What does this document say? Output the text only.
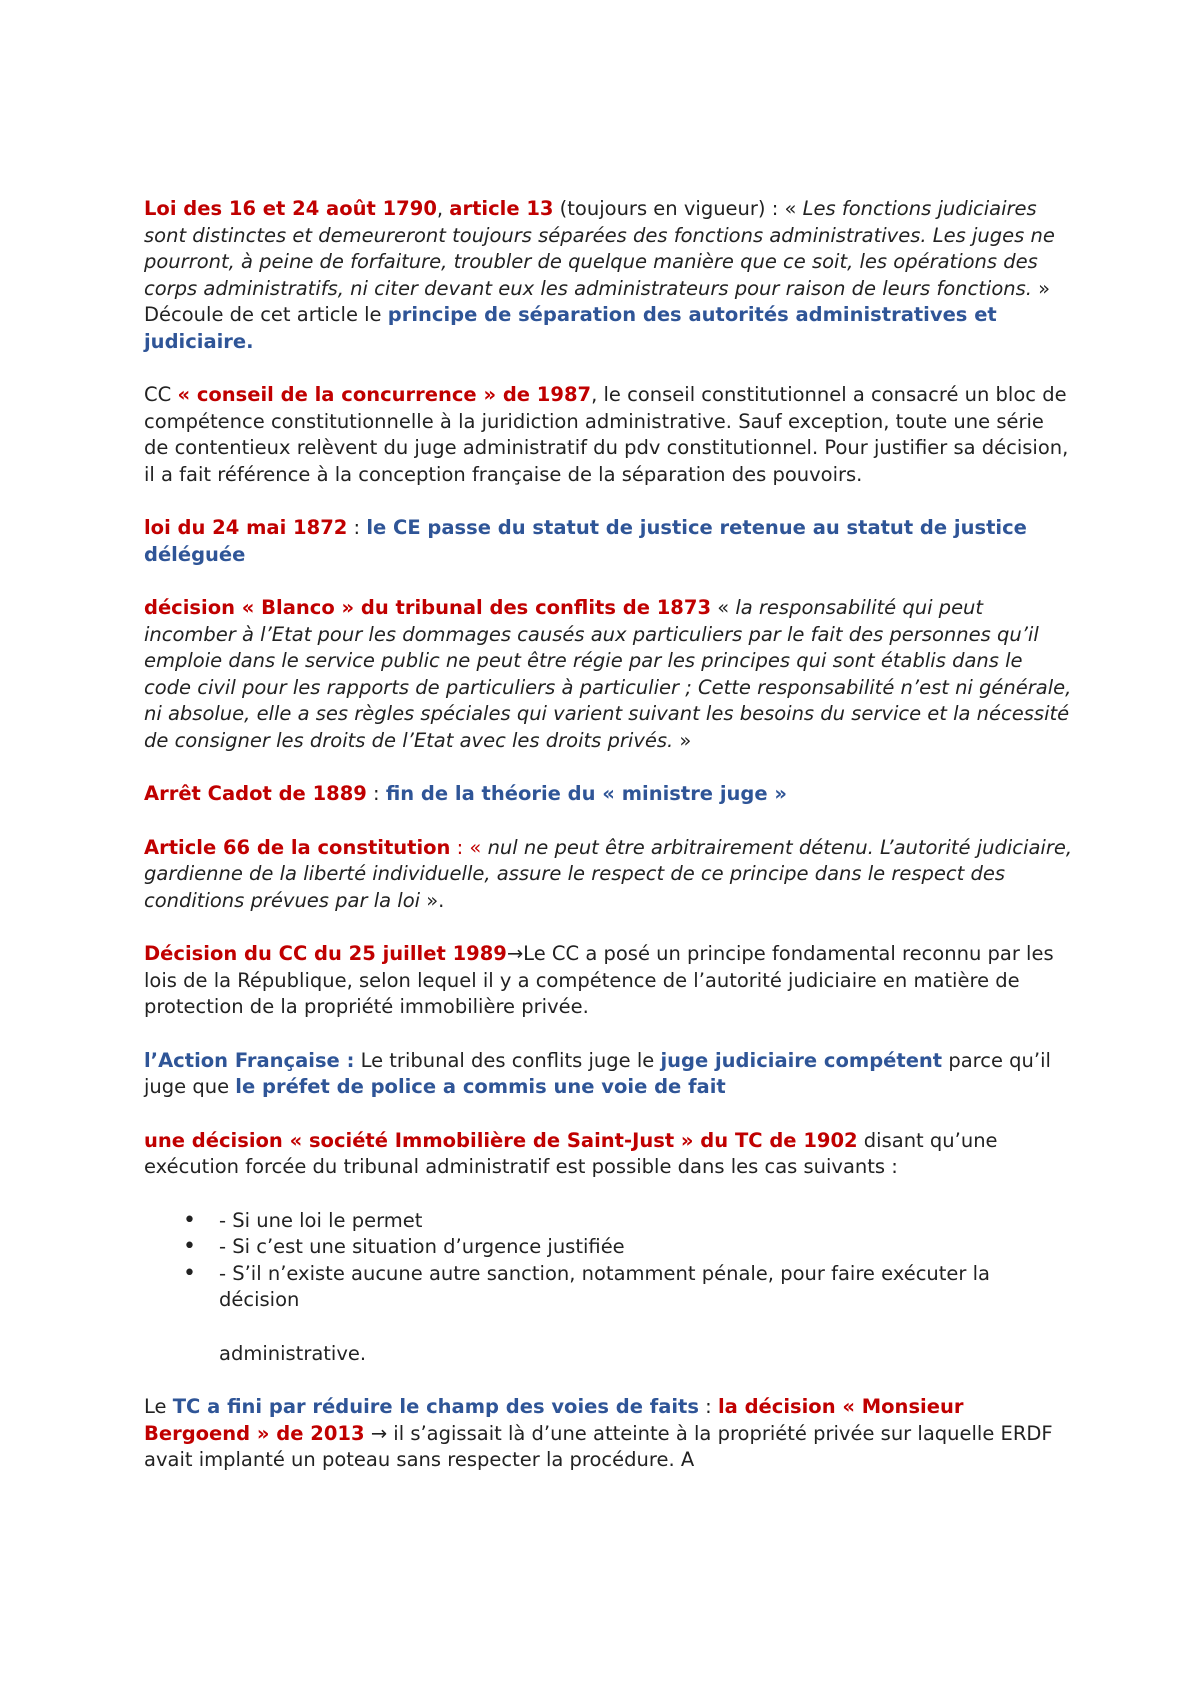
Loi des 16 et 24 août 1790, article 13 (toujours en vigueur) : « Les fonctions judiciaires sont distinctes et demeureront toujours séparées des fonctions administratives. Les juges ne pourront, à peine de forfaiture, troubler de quelque manière que ce soit, les opérations des corps administratifs, ni citer devant eux les administrateurs pour raison de leurs fonctions. » Découle de cet article le principe de séparation des autorités administratives et judiciaire.

CC « conseil de la concurrence » de 1987, le conseil constitutionnel a consacré un bloc de compétence constitutionnelle à la juridiction administrative. Sauf exception, toute une série de contentieux relèvent du juge administratif du pdv constitutionnel. Pour justifier sa décision, il a fait référence à la conception française de la séparation des pouvoirs.

loi du 24 mai 1872 : le CE passe du statut de justice retenue au statut de justice déléguée

décision « Blanco » du tribunal des conflits de 1873 « la responsabilité qui peut incomber à l’Etat pour les dommages causés aux particuliers par le fait des personnes qu’il emploie dans le service public ne peut être régie par les principes qui sont établis dans le code civil pour les rapports de particuliers à particulier ; Cette responsabilité n’est ni générale, ni absolue, elle a ses règles spéciales qui varient suivant les besoins du service et la nécessité de consigner les droits de l’Etat avec les droits privés. »

Arrêt Cadot de 1889 : fin de la théorie du « ministre juge »

Article 66 de la constitution : « nul ne peut être arbitrairement détenu. L’autorité judiciaire, gardienne de la liberté individuelle, assure le respect de ce principe dans le respect des conditions prévues par la loi ».

Décision du CC du 25 juillet 1989→Le CC a posé un principe fondamental reconnu par les lois de la République, selon lequel il y a compétence de l’autorité judiciaire en matière de protection de la propriété immobilière privée.

l’Action Française : Le tribunal des conflits juge le juge judiciaire compétent parce qu’il juge que le préfet de police a commis une voie de fait

une décision « société Immobilière de Saint-Just » du TC de 1902 disant qu’une exécution forcée du tribunal administratif est possible dans les cas suivants :

• - Si une loi le permet
• - Si c’est une situation d’urgence justifiée
• - S’il n’existe aucune autre sanction, notamment pénale, pour faire exécuter la décision
administrative.

Le TC a fini par réduire le champ des voies de faits : la décision « Monsieur Bergoend » de 2013 → il s’agissait là d’une atteinte à la propriété privée sur laquelle ERDF avait implanté un poteau sans respecter la procédure. A
